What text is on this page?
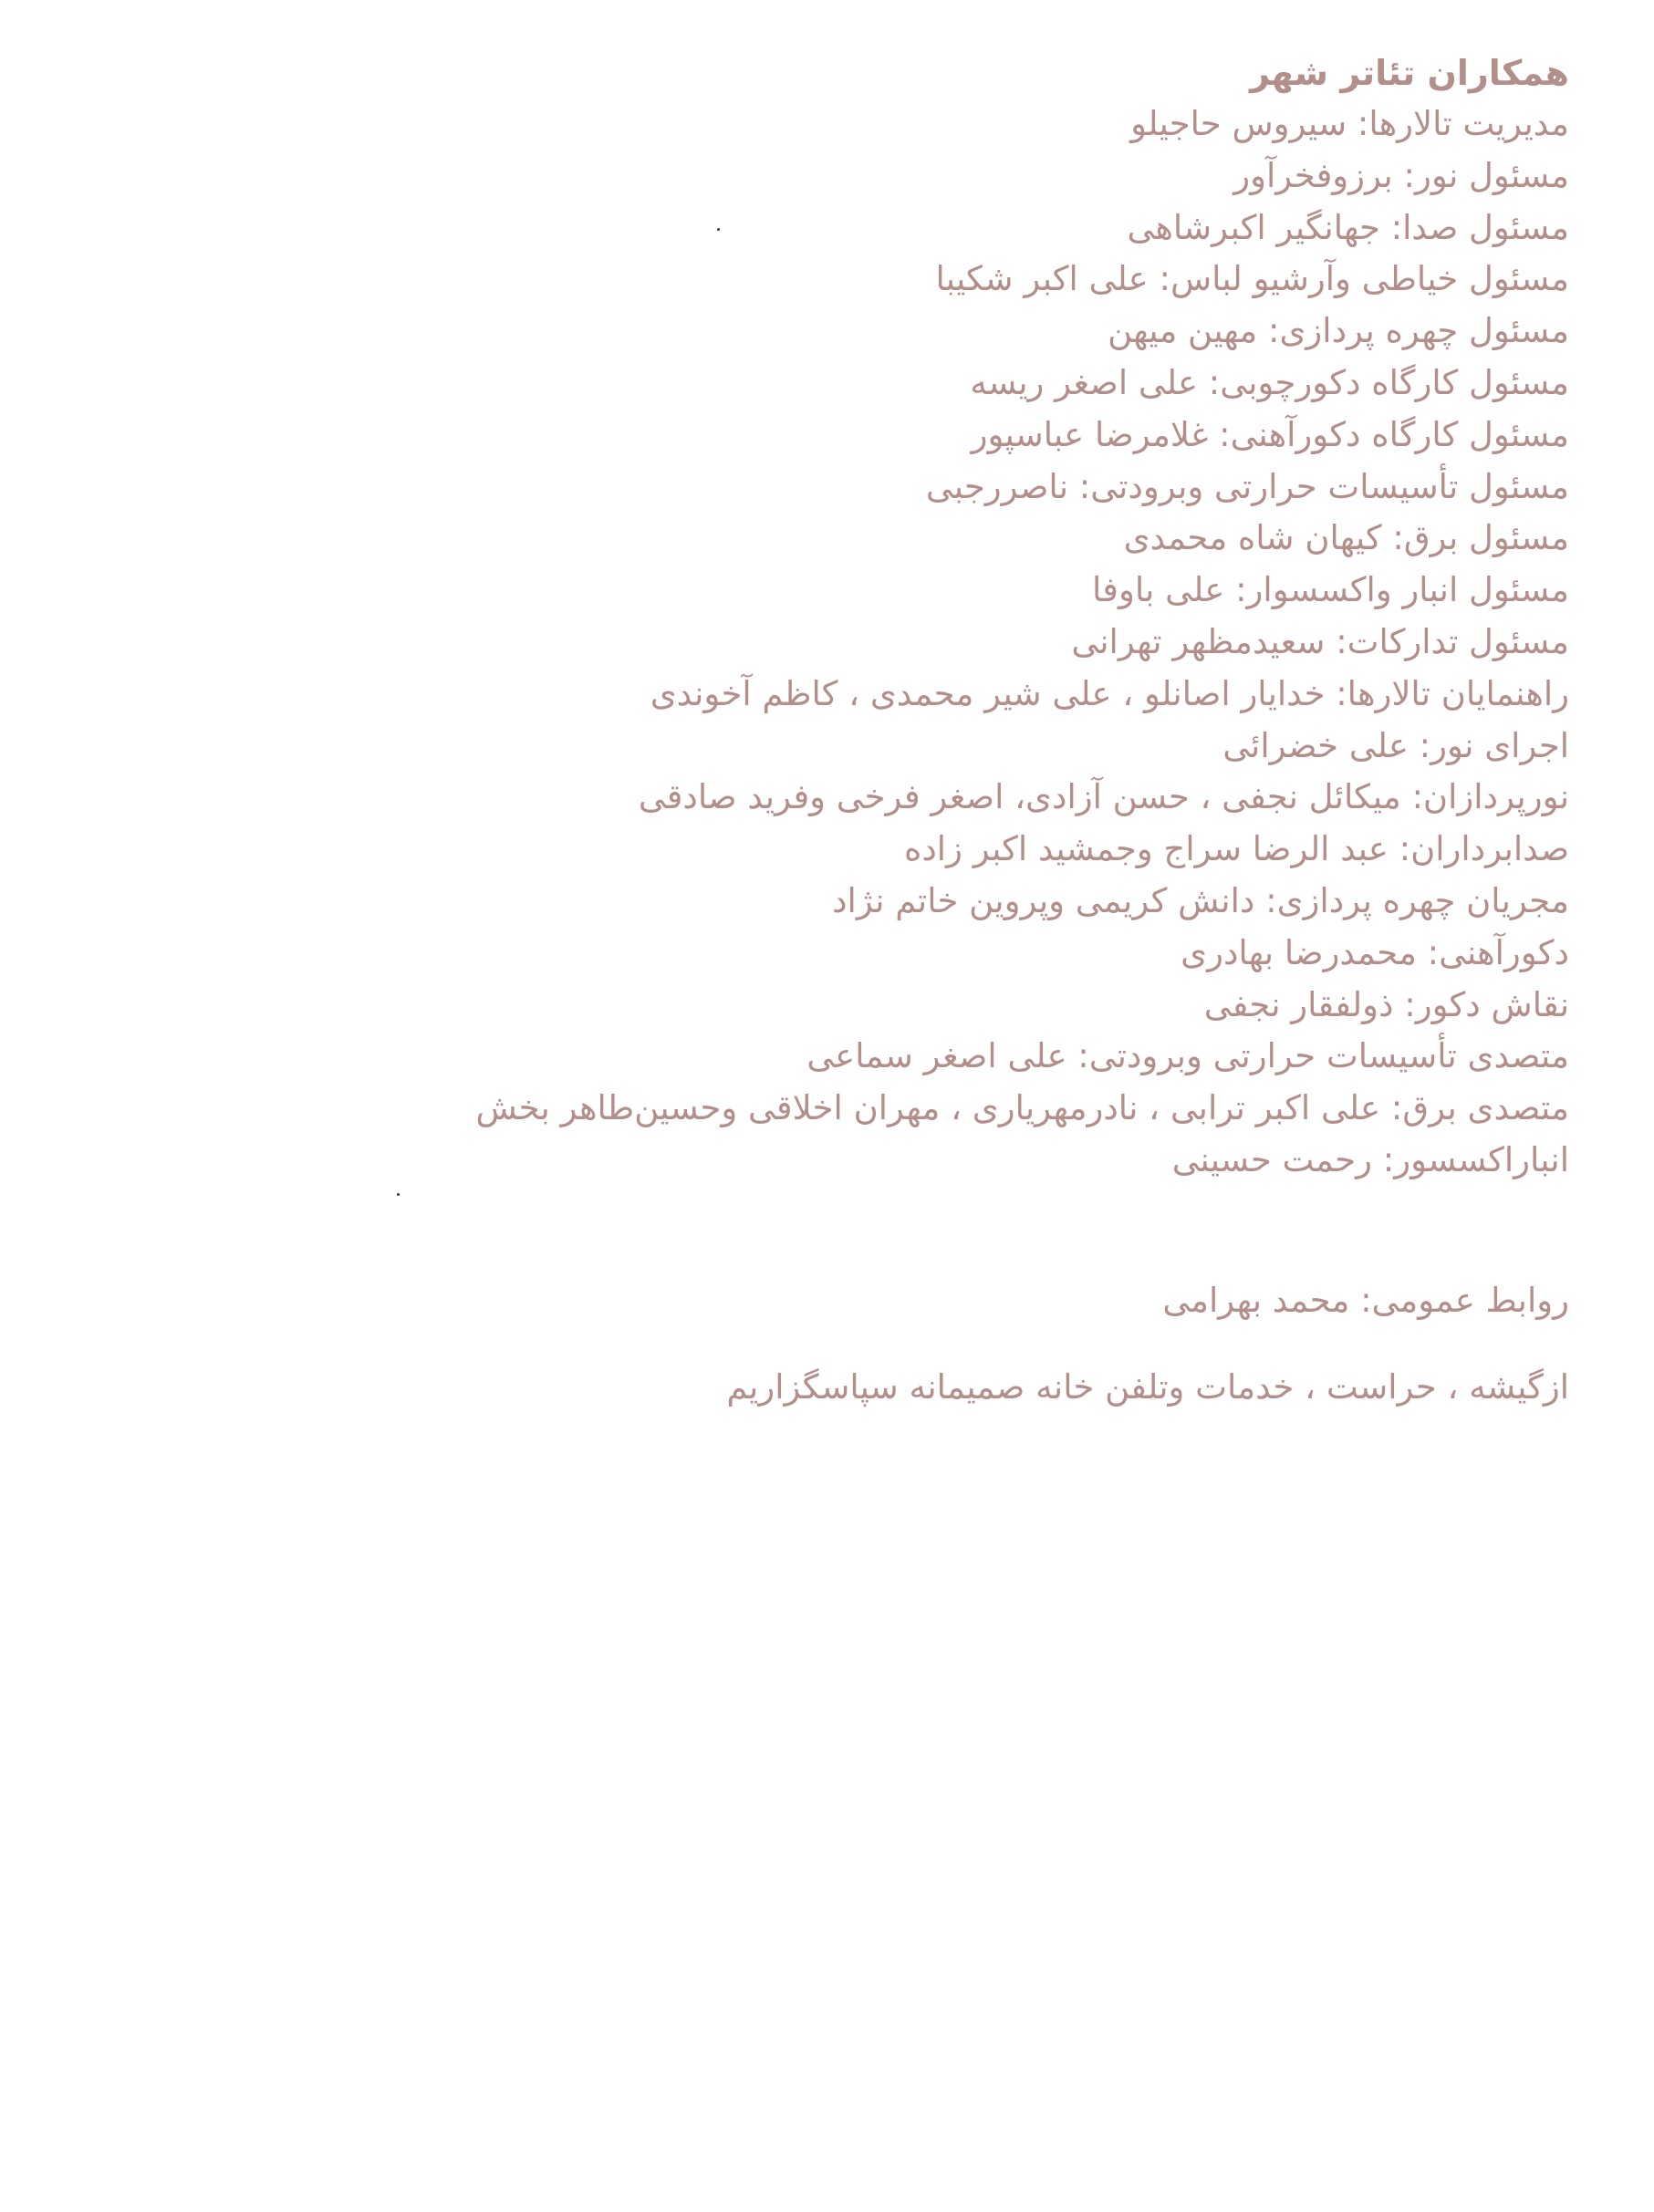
همکاران تئاتر شهر
مدیریت تالارها: سیروس حاجیلو
مسئول نور: برزوفخرآور
مسئول صدا: جهانگیر اکبرشاهی
مسئول خیاطی وآرشیو لباس: علی اکبر شکیبا
مسئول چهره پردازی: مهین میهن
مسئول کارگاه دکورچوبی: علی اصغر ریسه
مسئول کارگاه دکورآهنی: غلامرضا عباسپور
مسئول تأسیسات حرارتی وبرودتی: ناصررجبی
مسئول برق: کیهان شاه محمدی
مسئول انبار واکسسوار: علی باوفا
مسئول تدارکات: سعیدمظهر تهرانی
راهنمایان تالارها: خدایار اصانلو ، علی شیر محمدی ، کاظم آخوندی
اجرای نور: علی خضرائی
نورپردازان: میکائل نجفی ، حسن آزادی، اصغر فرخی وفرید صادقی
صدابرداران: عبد الرضا سراج وجمشید اکبر زاده
مجریان چهره پردازی: دانش کریمی وپروین خاتم نژاد
دکورآهنی: محمدرضا بهادری
نقاش دکور: ذولفقار نجفی
متصدی تأسیسات حرارتی وبرودتی: علی اصغر سماعی
متصدی برق: علی اکبر ترابی ، نادرمهریاری ، مهران اخلاقی وحسین‌طاهر بخش
انباراکسسور: رحمت حسینی
روابط عمومی: محمد بهرامی
ازگیشه ، حراست ، خدمات وتلفن خانه صمیمانه سپاسگزاریم
